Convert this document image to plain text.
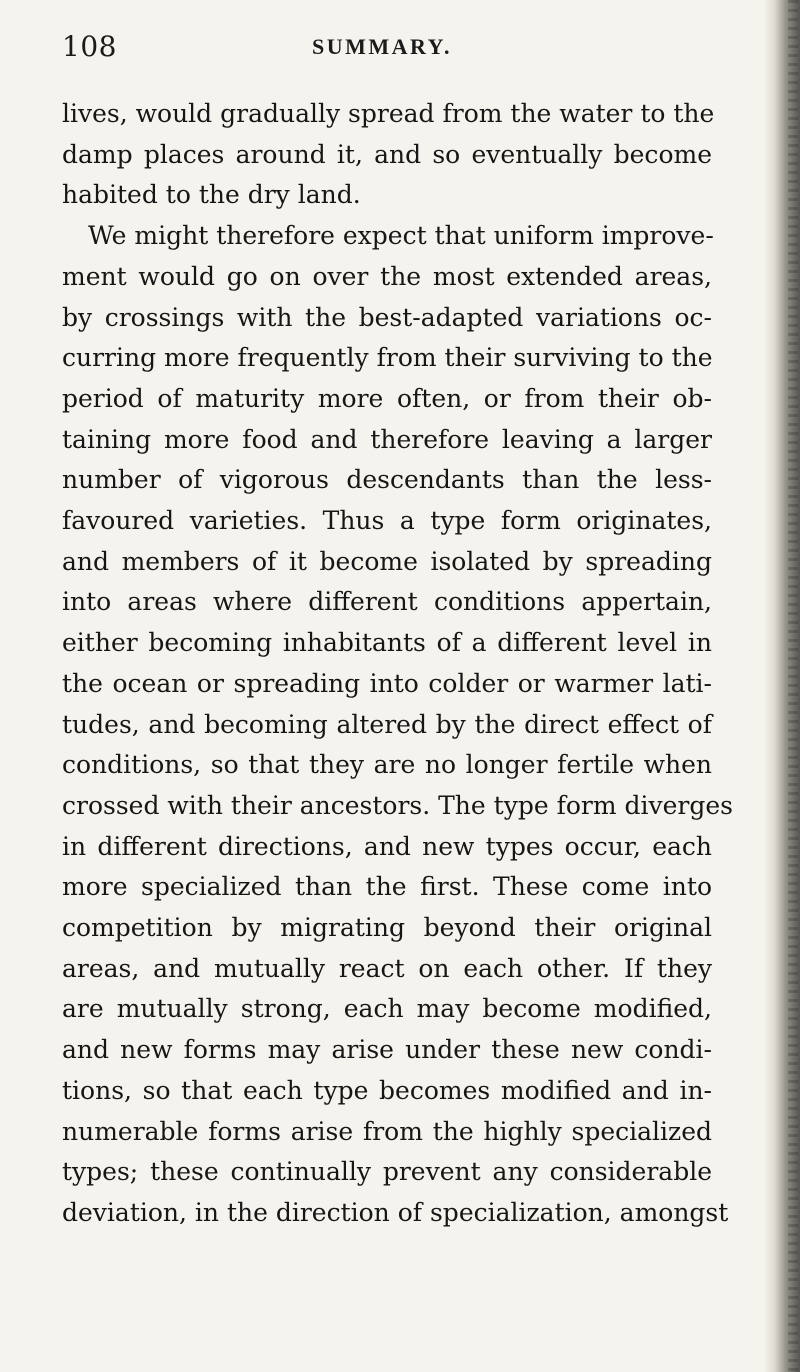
108	SUMMARY.
lives, would gradually spread from the water to the
damp places around it, and so eventually become
habited to the dry land.
We might therefore expect that uniform improve-
ment would go on over the most extended areas,
by crossings with the best-adapted variations oc-
curring more frequently from their surviving to the
period of maturity more often, or from their ob-
taining more food and therefore leaving a larger
number of vigorous descendants than the less-
favoured varieties. Thus a type form originates,
and members of it become isolated by spreading
into areas where different conditions appertain,
either becoming inhabitants of a different level in
the ocean or spreading into colder or warmer lati-
tudes, and becoming altered by the direct effect of
conditions, so that they are no longer fertile when
crossed with their ancestors. The type form diverges
in different directions, and new types occur, each
more specialized than the first. These come into
competition by migrating beyond their original
areas, and mutually react on each other. If they
are mutually strong, each may become modified,
and new forms may arise under these new condi-
tions, so that each type becomes modified and in-
numerable forms arise from the highly specialized
types; these continually prevent any considerable
deviation, in the direction of specialization, amongst
